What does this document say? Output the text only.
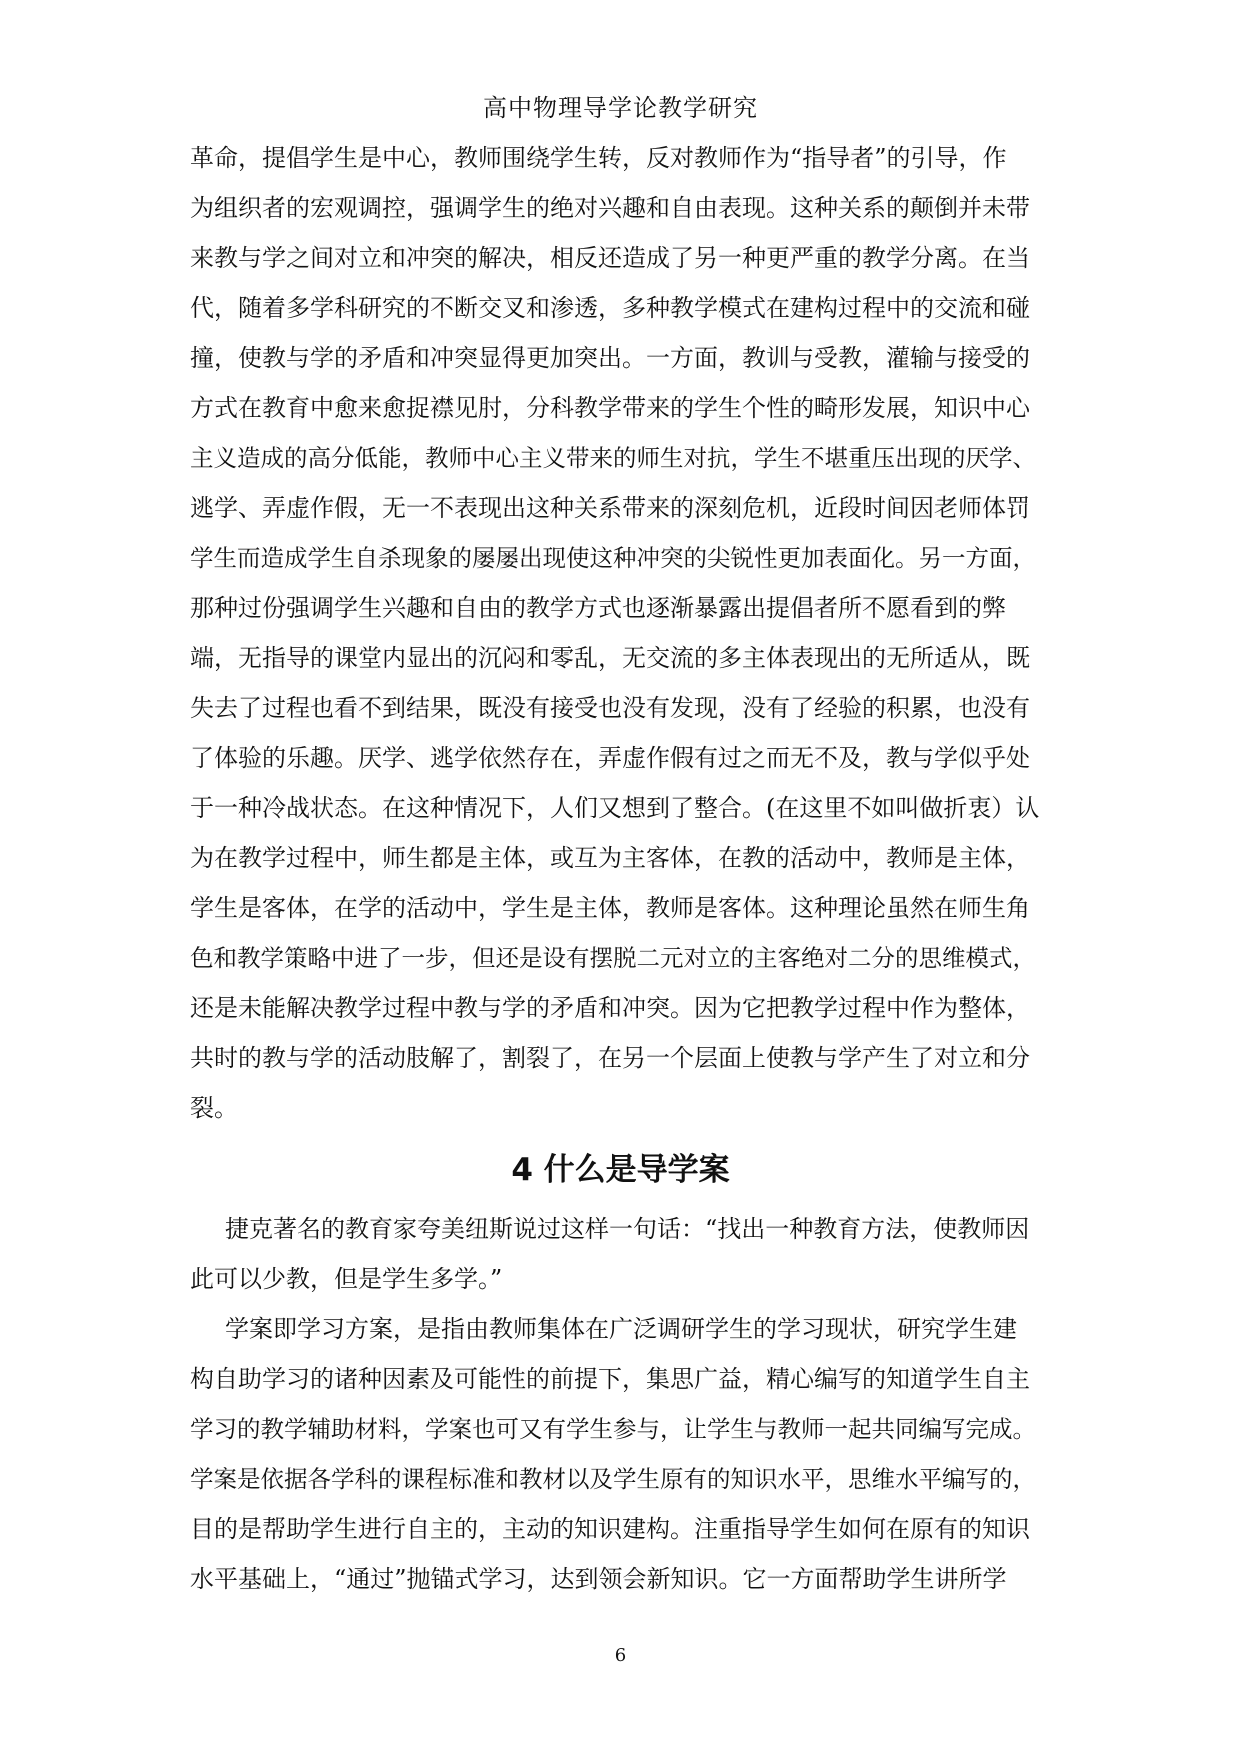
高中物理导学论教学研究
革命，提倡学生是中心，教师围绕学生转，反对教师作为“指导者”的引导，作
为组织者的宏观调控，强调学生的绝对兴趣和自由表现。这种关系的颠倒并未带
来教与学之间对立和冲突的解决，相反还造成了另一种更严重的教学分离。在当
代，随着多学科研究的不断交叉和渗透，多种教学模式在建构过程中的交流和碰
撞，使教与学的矛盾和冲突显得更加突出。一方面，教训与受教，灌输与接受的
方式在教育中愈来愈捉襟见肘，分科教学带来的学生个性的畸形发展，知识中心
主义造成的高分低能，教师中心主义带来的师生对抗，学生不堪重压出现的厌学、
逃学、弄虚作假，无一不表现出这种关系带来的深刻危机，近段时间因老师体罚
学生而造成学生自杀现象的屡屡出现使这种冲突的尖锐性更加表面化。另一方面，
那种过份强调学生兴趣和自由的教学方式也逐渐暴露出提倡者所不愿看到的弊
端，无指导的课堂内显出的沉闷和零乱，无交流的多主体表现出的无所适从，既
失去了过程也看不到结果，既没有接受也没有发现，没有了经验的积累，也没有
了体验的乐趣。厌学、逃学依然存在，弄虚作假有过之而无不及，教与学似乎处
于一种冷战状态。在这种情况下，人们又想到了整合。(在这里不如叫做折衷）认
为在教学过程中，师生都是主体，或互为主客体，在教的活动中，教师是主体，
学生是客体，在学的活动中，学生是主体，教师是客体。这种理论虽然在师生角
色和教学策略中进了一步，但还是设有摆脱二元对立的主客绝对二分的思维模式，
还是未能解决教学过程中教与学的矛盾和冲突。因为它把教学过程中作为整体，
共时的教与学的活动肢解了，割裂了，在另一个层面上使教与学产生了对立和分
裂。
4 什么是导学案
捷克著名的教育家夸美纽斯说过这样一句话：“找出一种教育方法，使教师因
此可以少教，但是学生多学。”
学案即学习方案，是指由教师集体在广泛调研学生的学习现状，研究学生建
构自助学习的诸种因素及可能性的前提下，集思广益，精心编写的知道学生自主
学习的教学辅助材料，学案也可又有学生参与，让学生与教师一起共同编写完成。
学案是依据各学科的课程标准和教材以及学生原有的知识水平，思维水平编写的，
目的是帮助学生进行自主的，主动的知识建构。注重指导学生如何在原有的知识
水平基础上，“通过”抛锚式学习，达到领会新知识。它一方面帮助学生讲所学
6
